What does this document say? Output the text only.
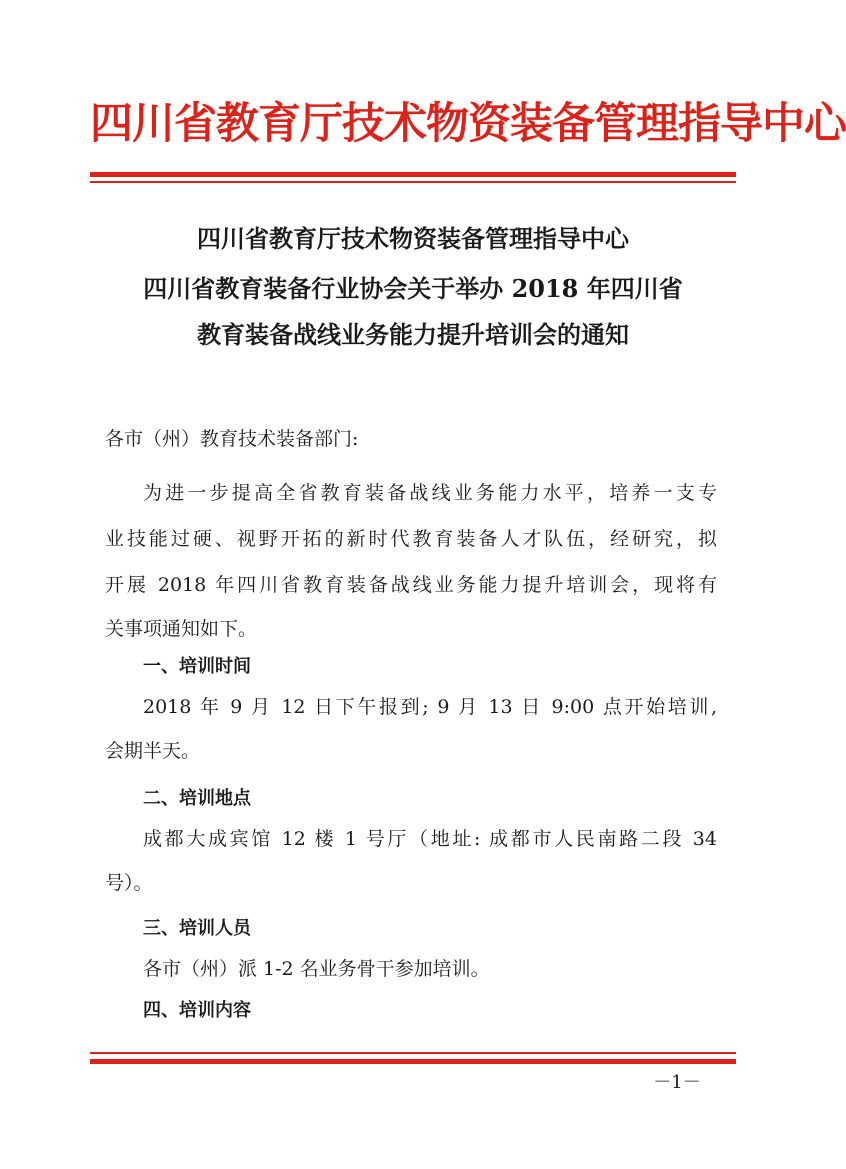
四川省教育厅技术物资装备管理指导中心
四川省教育厅技术物资装备管理指导中心
四川省教育装备行业协会关于举办 2018 年四川省
教育装备战线业务能力提升培训会的通知
各市（州）教育技术装备部门:
为进一步提高全省教育装备战线业务能力水平，培养一支专
业技能过硬、视野开拓的新时代教育装备人才队伍，经研究，拟
开展 2018 年四川省教育装备战线业务能力提升培训会，现将有
关事项通知如下。
一、培训时间
2018 年 9 月 12 日下午报到; 9 月 13 日 9:00 点开始培训,
会期半天。
二、培训地点
成都大成宾馆 12 楼 1 号厅（地址: 成都市人民南路二段 34
号）。
三、培训人员
各市（州）派 1-2 名业务骨干参加培训。
四、培训内容
－1－
